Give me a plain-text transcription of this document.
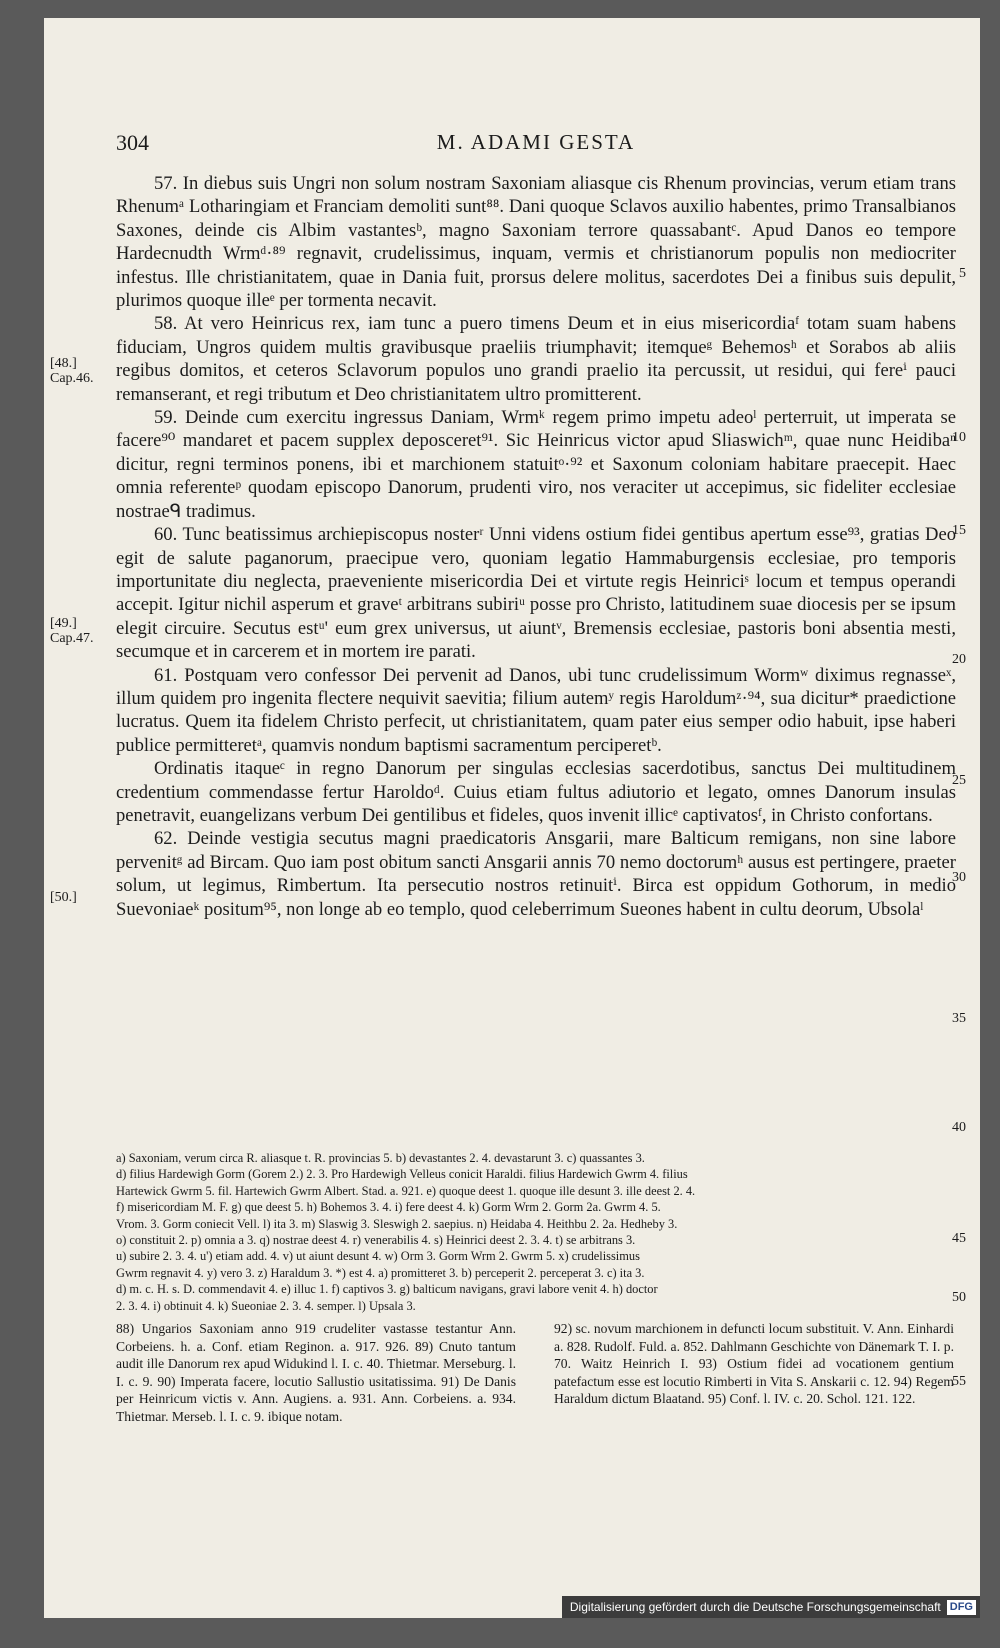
304	M. ADAMI GESTA

57. In diebus suis Ungri non solum nostram Saxoniam aliasque cis Rhenum provincias, verum etiam trans Rhenumᵃ Lotharingiam et Franciam demoliti sunt⁸⁸. Dani quoque Sclavos auxilio habentes, primo Transalbianos Saxones, deinde cis Albim vastantesᵇ, magno Saxoniam terrore quassabantᶜ. Apud Danos eo tempore Hardecnudth Wrmᵈ·⁸⁹ regnavit, crudelissimus, inquam, vermis et christianorum populis non mediocriter infestus. Ille christianitatem, quae in Dania fuit, prorsus delere molitus, sacerdotes Dei a finibus suis depulit, plurimos quoque illeᵉ per tormenta necavit.

58. At vero Heinricus rex, iam tunc a puero timens Deum et in eius misericordiaᶠ totam suam habens fiduciam, Ungros quidem multis gravibusque praeliis triumphavit; itemqueᵍ Behemosʰ et Sorabos ab aliis regibus domitos, et ceteros Sclavorum populos uno grandi praelio ita percussit, ut residui, qui fereⁱ pauci remanserant, et regi tributum et Deo christianitatem ultro promitterent.

59. Deinde cum exercitu ingressus Daniam, Wrmᵏ regem primo impetu adeoˡ perterruit, ut imperata se facere⁹⁰ mandaret et pacem supplex deposceret⁹¹. Sic Heinricus victor apud Sliaswichᵐ, quae nunc Heidibaⁿ dicitur, regni terminos ponens, ibi et marchionem statuitᵒ·⁹² et Saxonum coloniam habitare praecepit. Haec omnia referenteᵖ quodam episcopo Danorum, prudenti viro, nos veraciter ut accepimus, sic fideliter ecclesiae nostraeᑫ tradimus.

60. Tunc beatissimus archiepiscopus nosterʳ Unni videns ostium fidei gentibus apertum esse⁹³, gratias Deo egit de salute paganorum, praecipue vero, quoniam legatio Hammaburgensis ecclesiae, pro temporis importunitate diu neglecta, praeveniente misericordia Dei et virtute regis Heinriciˢ locum et tempus operandi accepit. Igitur nichil asperum et graveᵗ arbitrans subiriᵘ posse pro Christo, latitudinem suae diocesis per se ipsum elegit circuire. Secutus estᵘ' eum grex universus, ut aiuntᵛ, Bremensis ecclesiae, pastoris boni absentia mesti, secumque et in carcerem et in mortem ire parati.

61. Postquam vero confessor Dei pervenit ad Danos, ubi tunc crudelissimum Wormʷ diximus regnasseˣ, illum quidem pro ingenita flectere nequivit saevitia; filium autemʸ regis Haroldumᶻ·⁹⁴, sua dicitur* praedictione lucratus. Quem ita fidelem Christo perfecit, ut christianitatem, quam pater eius semper odio habuit, ipse haberi publice permitteretᵃ, quamvis nondum baptismi sacramentum perciperetᵇ.

Ordinatis itaqueᶜ in regno Danorum per singulas ecclesias sacerdotibus, sanctus Dei multitudinem credentium commendasse fertur Haroldoᵈ. Cuius etiam fultus adiutorio et legato, omnes Danorum insulas penetravit, euangelizans verbum Dei gentilibus et fideles, quos invenit illicᵉ captivatosᶠ, in Christo confortans.

62. Deinde vestigia secutus magni praedicatoris Ansgarii, mare Balticum remigans, non sine labore pervenitᵍ ad Bircam. Quo iam post obitum sancti Ansgarii annis 70 nemo doctorumʰ ausus est pertingere, praeter solum, ut legimus, Rimbertum. Ita persecutio nostros retinuitⁱ. Birca est oppidum Gothorum, in medio Suevoniaeᵏ positum⁹⁵, non longe ab eo templo, quod celeberrimum Sueones habent in cultu deorum, Ubsolaˡ

[48.]
Cap.46.
[49.]
Cap.47.
[50.]
5
10
15
20
25
30
35
40
45
50
55

a) Saxoniam, verum circa R. aliasque t. R. provincias 5. b) devastantes 2. 4. devastarunt 3. c) quassantes 3.

d) filius Hardewigh Gorm (Gorem 2.) 2. 3. Pro Hardewigh Velleus conicit Haraldi. filius Hardewich Gwrm 4. filius

Hartewick Gwrm 5. fil. Hartewich Gwrm Albert. Stad. a. 921. e) quoque deest 1. quoque ille desunt 3. ille deest 2. 4.

f) misericordiam M. F. g) que deest 5. h) Bohemos 3. 4. i) fere deest 4. k) Gorm Wrm 2. Gorm 2a. Gwrm 4. 5.

Vrom. 3. Gorm coniecit Vell. l) ita 3. m) Slaswig 3. Sleswigh 2. saepius. n) Heidaba 4. Heithbu 2. 2a. Hedheby 3.

o) constituit 2. p) omnia a 3. q) nostrae deest 4. r) venerabilis 4. s) Heinrici deest 2. 3. 4. t) se arbitrans 3.

u) subire 2. 3. 4. u') etiam add. 4. v) ut aiunt desunt 4. w) Orm 3. Gorm Wrm 2. Gwrm 5. x) crudelissimus

Gwrm regnavit 4. y) vero 3. z) Haraldum 3. *) est 4. a) promitteret 3. b) perceperit 2. perceperat 3. c) ita 3.

d) m. c. H. s. D. commendavit 4. e) illuc 1. f) captivos 3. g) balticum navigans, gravi labore venit 4. h) doctor

2. 3. 4. i) obtinuit 4. k) Sueoniae 2. 3. 4. semper. l) Upsala 3.

88) Ungarios Saxoniam anno 919 crudeliter vastasse testantur Ann. Corbeiens. h. a. Conf. etiam Reginon. a. 917. 926. 89) Cnuto tantum audit ille Danorum rex apud Widukind l. I. c. 40. Thietmar. Merseburg. l. I. c. 9. 90) Imperata facere, locutio Sallustio usitatissima. 91) De Danis per Heinricum victis v. Ann. Augiens. a. 931. Ann. Corbeiens. a. 934. Thietmar. Merseb. l. I. c. 9. ibique notam.

92) sc. novum marchionem in defuncti locum substituit. V. Ann. Einhardi a. 828. Rudolf. Fuld. a. 852. Dahlmann Geschichte von Dänemark T. I. p. 70. Waitz Heinrich I. 93) Ostium fidei ad vocationem gentium patefactum esse est locutio Rimberti in Vita S. Anskarii c. 12. 94) Regem Haraldum dictum Blaatand. 95) Conf. l. IV. c. 20. Schol. 121. 122.

Digitalisierung gefördert durch die Deutsche Forschungsgemeinschaft DFG
